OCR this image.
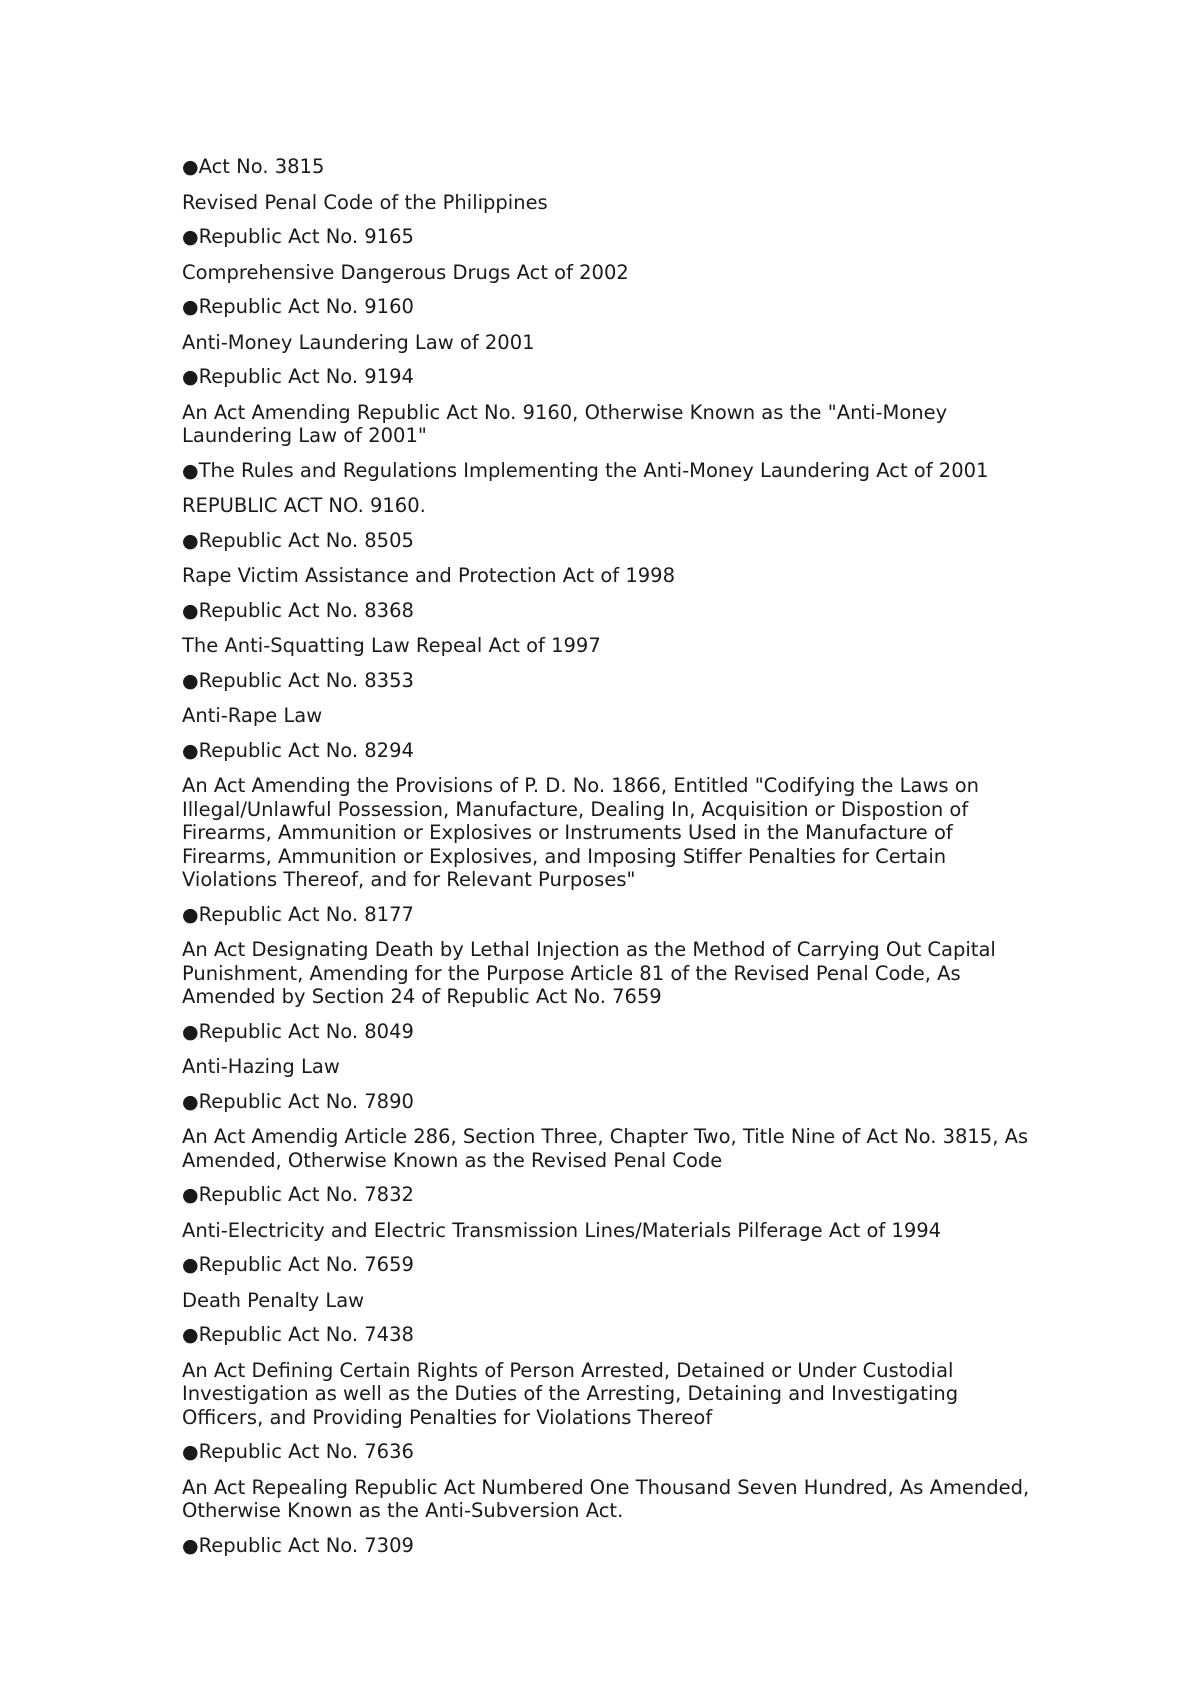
●Act No. 3815

Revised Penal Code of the Philippines

●Republic Act No. 9165

Comprehensive Dangerous Drugs Act of 2002

●Republic Act No. 9160

Anti-Money Laundering Law of 2001

●Republic Act No. 9194

An Act Amending Republic Act No. 9160, Otherwise Known as the "Anti-Money Laundering Law of 2001"

●The Rules and Regulations Implementing the Anti-Money Laundering Act of 2001

REPUBLIC ACT NO. 9160.

●Republic Act No. 8505

Rape Victim Assistance and Protection Act of 1998

●Republic Act No. 8368

The Anti-Squatting Law Repeal Act of 1997

●Republic Act No. 8353

Anti-Rape Law

●Republic Act No. 8294

An Act Amending the Provisions of P. D. No. 1866, Entitled "Codifying the Laws on Illegal/Unlawful Possession, Manufacture, Dealing In, Acquisition or Dispostion of Firearms, Ammunition or Explosives or Instruments Used in the Manufacture of Firearms, Ammunition or Explosives, and Imposing Stiffer Penalties for Certain Violations Thereof, and for Relevant Purposes"

●Republic Act No. 8177

An Act Designating Death by Lethal Injection as the Method of Carrying Out Capital Punishment, Amending for the Purpose Article 81 of the Revised Penal Code, As Amended by Section 24 of Republic Act No. 7659

●Republic Act No. 8049

Anti-Hazing Law

●Republic Act No. 7890

An Act Amendig Article 286, Section Three, Chapter Two, Title Nine of Act No. 3815, As Amended, Otherwise Known as the Revised Penal Code

●Republic Act No. 7832

Anti-Electricity and Electric Transmission Lines/Materials Pilferage Act of 1994

●Republic Act No. 7659

Death Penalty Law

●Republic Act No. 7438

An Act Defining Certain Rights of Person Arrested, Detained or Under Custodial Investigation as well as the Duties of the Arresting, Detaining and Investigating Officers, and Providing Penalties for Violations Thereof

●Republic Act No. 7636

An Act Repealing Republic Act Numbered One Thousand Seven Hundred, As Amended, Otherwise Known as the Anti-Subversion Act.

●Republic Act No. 7309
